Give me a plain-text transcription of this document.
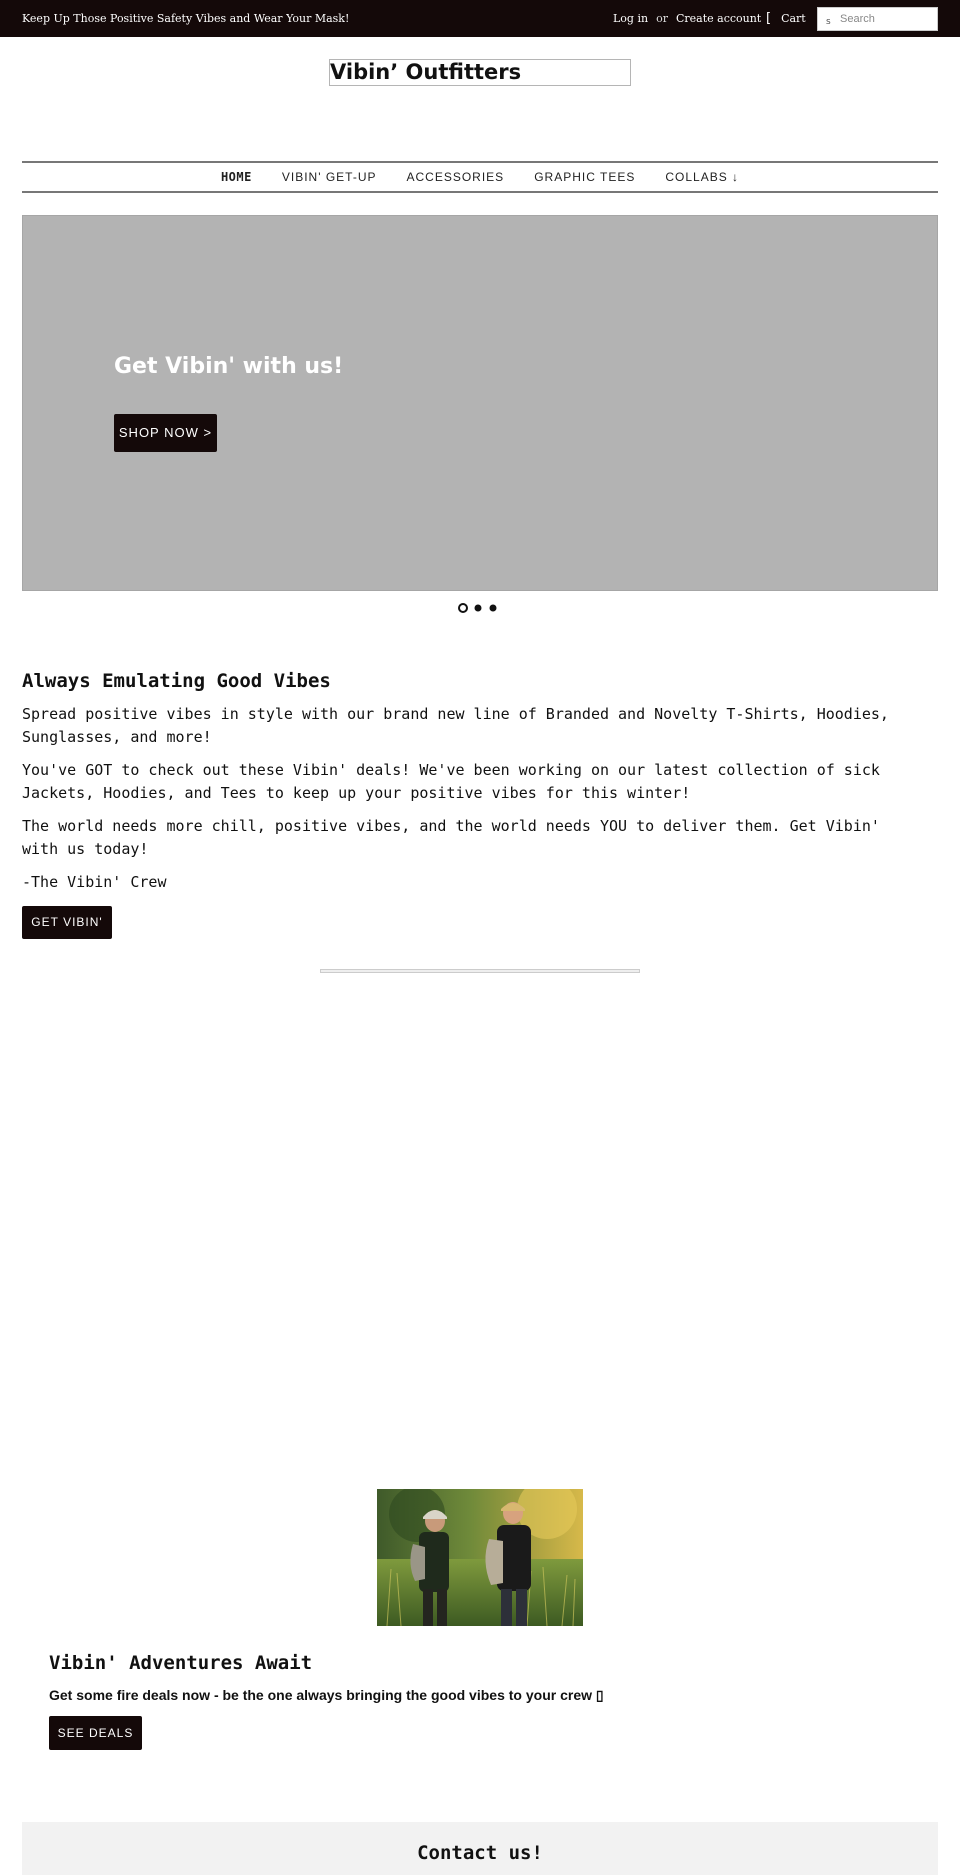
Keep Up Those Positive Safety Vibes and Wear Your Mask!	Log in or Create account [ Cart s
Search
Vibin’ Outfitters
HOME	VIBIN' GET-UP	ACCESSORIES	GRAPHIC TEES	COLLABS ↓
Get Vibin' with us!
SHOP NOW >
Always Emulating Good Vibes

Spread positive vibes in style with our brand new line of Branded and Novelty T-Shirts, Hoodies, Sunglasses, and more!

You've GOT to check out these Vibin' deals! We've been working on our latest collection of sick Jackets, Hoodies, and Tees to keep up your positive vibes for this winter!

The world needs more chill, positive vibes, and the world needs YOU to deliver them. Get Vibin' with us today!

-The Vibin' Crew

GET VIBIN'
Vibin' Adventures Await

Get some fire deals now - be the one always bringing the good vibes to your crew ▯

SEE DEALS
Contact us!
